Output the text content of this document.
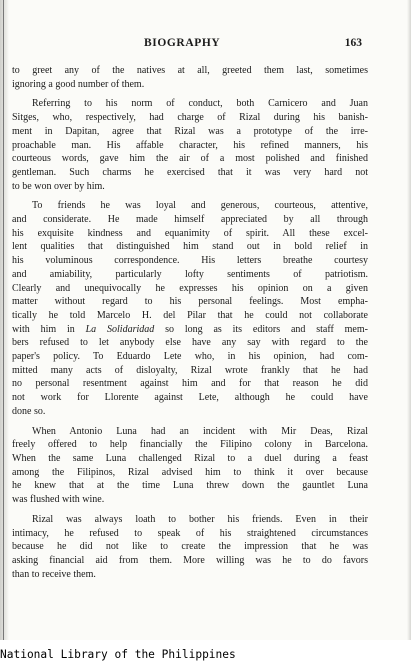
BIOGRAPHY	163

to greet any of the natives at all, greeted them last, sometimes
ignoring a good number of them.

Referring to his norm of conduct, both Carnicero and Juan
Sitges, who, respectively, had charge of Rizal during his banish-
ment in Dapitan, agree that Rizal was a prototype of the irre-
proachable man. His affable character, his refined manners, his
courteous words, gave him the air of a most polished and finished
gentleman. Such charms he exercised that it was very hard not
to be won over by him.

To friends he was loyal and generous, courteous, attentive,
and considerate. He made himself appreciated by all through
his exquisite kindness and equanimity of spirit. All these excel-
lent qualities that distinguished him stand out in bold relief in
his voluminous correspondence. His letters breathe courtesy
and amiability, particularly lofty sentiments of patriotism.
Clearly and unequivocally he expresses his opinion on a given
matter without regard to his personal feelings. Most empha-
tically he told Marcelo H. del Pilar that he could not collaborate
with him in La Solidaridad so long as its editors and staff mem-
bers refused to let anybody else have any say with regard to the
paper's policy. To Eduardo Lete who, in his opinion, had com-
mitted many acts of disloyalty, Rizal wrote frankly that he had
no personal resentment against him and for that reason he did
not work for Llorente against Lete, although he could have
done so.

When Antonio Luna had an incident with Mir Deas, Rizal
freely offered to help financially the Filipino colony in Barcelona.
When the same Luna challenged Rizal to a duel during a feast
among the Filipinos, Rizal advised him to think it over because
he knew that at the time Luna threw down the gauntlet Luna
was flushed with wine.

Rizal was always loath to bother his friends. Even in their
intimacy, he refused to speak of his straightened circumstances
because he did not like to create the impression that he was
asking financial aid from them. More willing was he to do favors
than to receive them.

National Library of the Philippines
